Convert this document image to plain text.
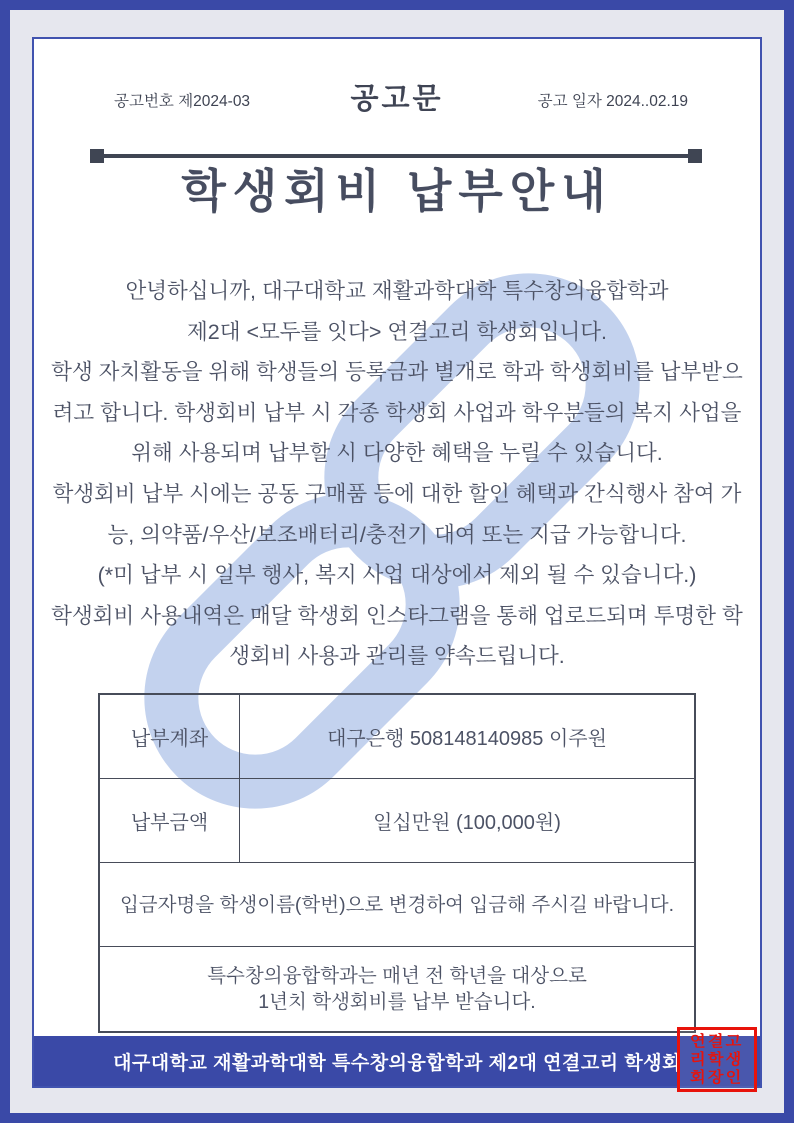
공고번호 제2024-03	공고문	공고 일자 2024..02.19
학생회비 납부안내
안녕하십니까, 대구대학교 재활과학대학 특수창의융합학과
제2대 <모두를 잇다> 연결고리 학생회입니다.
학생 자치활동을 위해 학생들의 등록금과 별개로 학과 학생회비를 납부받으
려고 합니다. 학생회비 납부 시 각종 학생회 사업과 학우분들의 복지 사업을
위해 사용되며 납부할 시 다양한 혜택을 누릴 수 있습니다.
학생회비 납부 시에는 공동 구매품 등에 대한 할인 혜택과 간식행사 참여 가
능, 의약품/우산/보조배터리/충전기 대여 또는 지급 가능합니다.
(*미 납부 시 일부 행사, 복지 사업 대상에서 제외 될 수 있습니다.)
학생회비 사용내역은 매달 학생회 인스타그램을 통해 업로드되며 투명한 학
생회비 사용과 관리를 약속드립니다.
납부계좌	대구은행 508148140985 이주원
납부금액	일십만원 (100,000원)
입금자명을 학생이름(학번)으로 변경하여 입금해 주시길 바랍니다.
특수창의융합학과는 매년 전 학년을 대상으로
1년치 학생회비를 납부 받습니다.
대구대학교 재활과학대학 특수창의융합학과 제2대 연결고리 학생회
연결고
리학생
회장인
